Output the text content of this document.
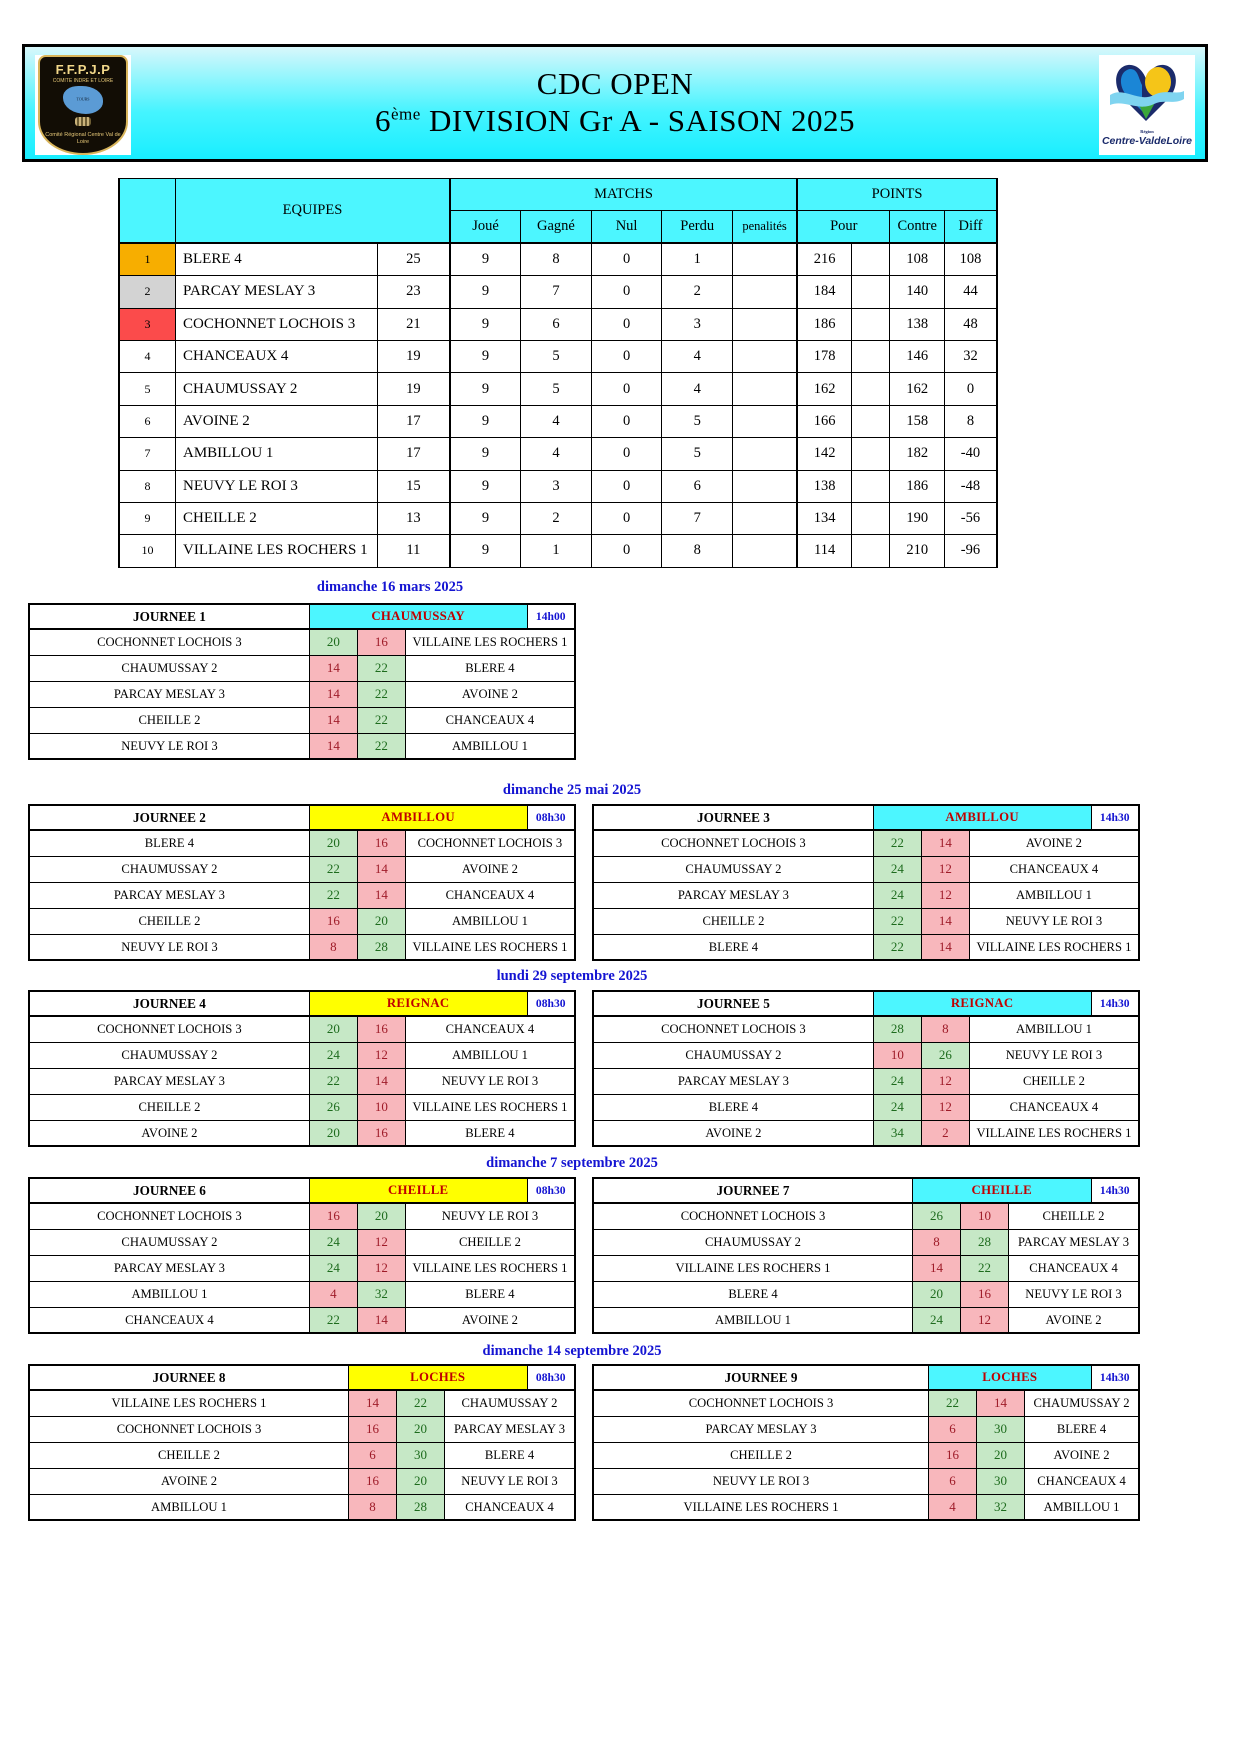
F.F.P.J.P
COMITE INDRE ET LOIRE
TOURS
Comité Régional Centre Val de Loire
CDC OPEN
6ème DIVISION Gr A - SAISON 2025	Région
Centre-ValdeLoire
	EQUIPES		MATCHS					POINTS			
			Joué	Gagné	Nul	Perdu	penalités	Pour		Contre	Diff
1	BLERE 4	25	9	8	0	1		216		108	108
2	PARCAY MESLAY 3	23	9	7	0	2		184		140	44
3	COCHONNET LOCHOIS 3	21	9	6	0	3		186		138	48
4	CHANCEAUX 4	19	9	5	0	4		178		146	32
5	CHAUMUSSAY 2	19	9	5	0	4		162		162	0
6	AVOINE 2	17	9	4	0	5		166		158	8
7	AMBILLOU 1	17	9	4	0	5		142		182	-40
8	NEUVY LE ROI 3	15	9	3	0	6		138		186	-48
9	CHEILLE 2	13	9	2	0	7		134		190	-56
10	VILLAINE LES ROCHERS 1	11	9	1	0	8		114		210	-96
dimanche 16 mars 2025
dimanche 25 mai 2025
lundi 29 septembre 2025
dimanche 7 septembre 2025
dimanche 14 septembre 2025
JOURNEE 1	CHAUMUSSAY			14h00
COCHONNET LOCHOIS 3	20	16	VILLAINE LES ROCHERS 1	
CHAUMUSSAY 2	14	22	BLERE 4	
PARCAY MESLAY 3	14	22	AVOINE 2	
CHEILLE 2	14	22	CHANCEAUX 4	
NEUVY LE ROI 3	14	22	AMBILLOU 1	
JOURNEE 2	AMBILLOU			08h30
BLERE 4	20	16	COCHONNET LOCHOIS 3	
CHAUMUSSAY 2	22	14	AVOINE 2	
PARCAY MESLAY 3	22	14	CHANCEAUX 4	
CHEILLE 2	16	20	AMBILLOU 1	
NEUVY LE ROI 3	8	28	VILLAINE LES ROCHERS 1	
JOURNEE 3	AMBILLOU			14h30
COCHONNET LOCHOIS 3	22	14	AVOINE 2	
CHAUMUSSAY 2	24	12	CHANCEAUX 4	
PARCAY MESLAY 3	24	12	AMBILLOU 1	
CHEILLE 2	22	14	NEUVY LE ROI 3	
BLERE 4	22	14	VILLAINE LES ROCHERS 1	
JOURNEE 4	REIGNAC			08h30
COCHONNET LOCHOIS 3	20	16	CHANCEAUX 4	
CHAUMUSSAY 2	24	12	AMBILLOU 1	
PARCAY MESLAY 3	22	14	NEUVY LE ROI 3	
CHEILLE 2	26	10	VILLAINE LES ROCHERS 1	
AVOINE 2	20	16	BLERE 4	
JOURNEE 5	REIGNAC			14h30
COCHONNET LOCHOIS 3	28	8	AMBILLOU 1	
CHAUMUSSAY 2	10	26	NEUVY LE ROI 3	
PARCAY MESLAY 3	24	12	CHEILLE 2	
BLERE 4	24	12	CHANCEAUX 4	
AVOINE 2	34	2	VILLAINE LES ROCHERS 1	
JOURNEE 6	CHEILLE			08h30
COCHONNET LOCHOIS 3	16	20	NEUVY LE ROI 3	
CHAUMUSSAY 2	24	12	CHEILLE 2	
PARCAY MESLAY 3	24	12	VILLAINE LES ROCHERS 1	
AMBILLOU 1	4	32	BLERE 4	
CHANCEAUX 4	22	14	AVOINE 2	
JOURNEE 7	CHEILLE			14h30
COCHONNET LOCHOIS 3	26	10	CHEILLE 2	
CHAUMUSSAY 2	8	28	PARCAY MESLAY 3	
VILLAINE LES ROCHERS 1	14	22	CHANCEAUX 4	
BLERE 4	20	16	NEUVY LE ROI 3	
AMBILLOU 1	24	12	AVOINE 2	
JOURNEE 8	LOCHES			08h30
VILLAINE LES ROCHERS 1	14	22	CHAUMUSSAY 2	
COCHONNET LOCHOIS 3	16	20	PARCAY MESLAY 3	
CHEILLE 2	6	30	BLERE 4	
AVOINE 2	16	20	NEUVY LE ROI 3	
AMBILLOU 1	8	28	CHANCEAUX 4	
JOURNEE 9	LOCHES			14h30
COCHONNET LOCHOIS 3	22	14	CHAUMUSSAY 2	
PARCAY MESLAY 3	6	30	BLERE 4	
CHEILLE 2	16	20	AVOINE 2	
NEUVY LE ROI 3	6	30	CHANCEAUX 4	
VILLAINE LES ROCHERS 1	4	32	AMBILLOU 1	
